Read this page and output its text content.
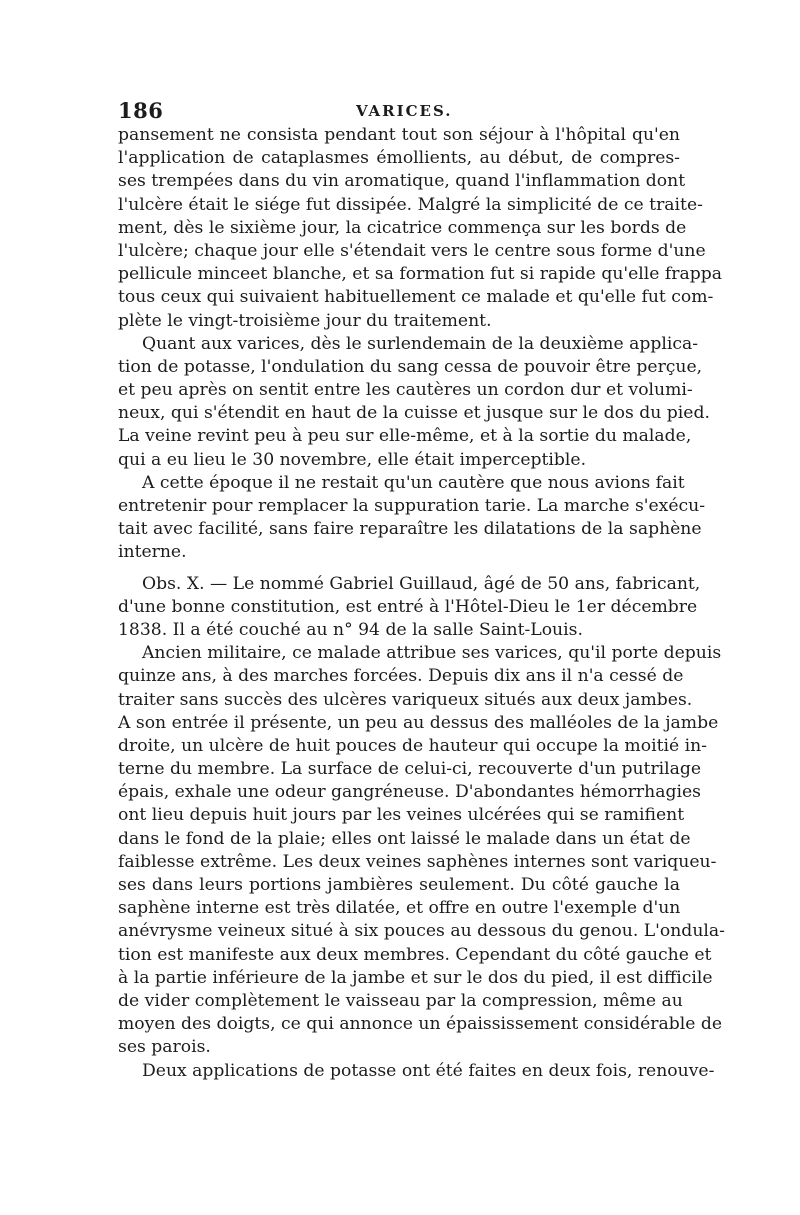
186	VARICES.
pansement ne consista pendant tout son séjour à l'hôpital qu'en
l'application de cataplasmes émollients, au début, de compres-
ses trempées dans du vin aromatique, quand l'inflammation dont
l'ulcère était le siége fut dissipée. Malgré la simplicité de ce traite-
ment, dès le sixième jour, la cicatrice commença sur les bords de
l'ulcère; chaque jour elle s'étendait vers le centre sous forme d'une
pellicule minceet blanche, et sa formation fut si rapide qu'elle frappa
tous ceux qui suivaient habituellement ce malade et qu'elle fut com-
plète le vingt-troisième jour du traitement.
Quant aux varices, dès le surlendemain de la deuxième applica-
tion de potasse, l'ondulation du sang cessa de pouvoir être perçue,
et peu après on sentit entre les cautères un cordon dur et volumi-
neux, qui s'étendit en haut de la cuisse et jusque sur le dos du pied.
La veine revint peu à peu sur elle-même, et à la sortie du malade,
qui a eu lieu le 30 novembre, elle était imperceptible.
A cette époque il ne restait qu'un cautère que nous avions fait
entretenir pour remplacer la suppuration tarie. La marche s'exécu-
tait avec facilité, sans faire reparaître les dilatations de la saphène
interne.
Obs. X. — Le nommé Gabriel Guillaud, âgé de 50 ans, fabricant,
d'une bonne constitution, est entré à l'Hôtel-Dieu le 1er décembre
1838. Il a été couché au n° 94 de la salle Saint-Louis.
Ancien militaire, ce malade attribue ses varices, qu'il porte depuis
quinze ans, à des marches forcées. Depuis dix ans il n'a cessé de
traiter sans succès des ulcères variqueux situés aux deux jambes.
A son entrée il présente, un peu au dessus des malléoles de la jambe
droite, un ulcère de huit pouces de hauteur qui occupe la moitié in-
terne du membre. La surface de celui-ci, recouverte d'un putrilage
épais, exhale une odeur gangréneuse. D'abondantes hémorrhagies
ont lieu depuis huit jours par les veines ulcérées qui se ramifient
dans le fond de la plaie; elles ont laissé le malade dans un état de
faiblesse extrême. Les deux veines saphènes internes sont variqueu-
ses dans leurs portions jambières seulement. Du côté gauche la
saphène interne est très dilatée, et offre en outre l'exemple d'un
anévrysme veineux situé à six pouces au dessous du genou. L'ondula-
tion est manifeste aux deux membres. Cependant du côté gauche et
à la partie inférieure de la jambe et sur le dos du pied, il est difficile
de vider complètement le vaisseau par la compression, même au
moyen des doigts, ce qui annonce un épaississement considérable de
ses parois.
Deux applications de potasse ont été faites en deux fois, renouve-
